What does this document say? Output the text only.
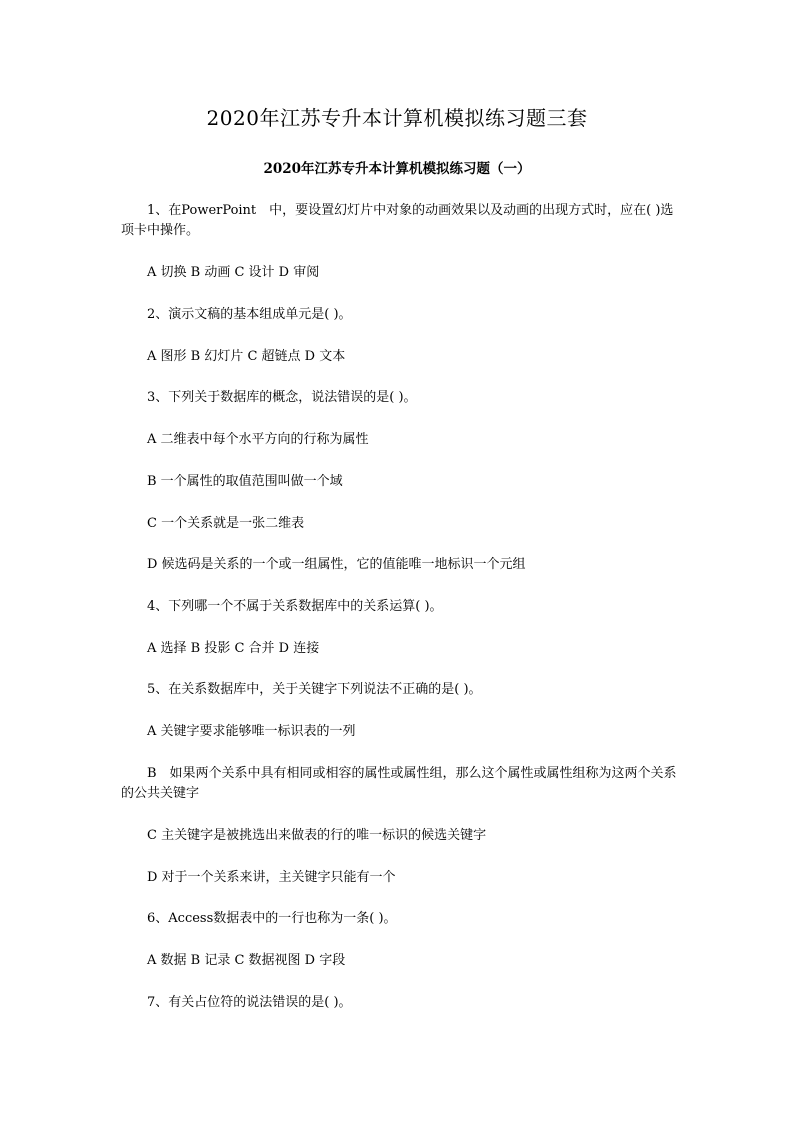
2020年江苏专升本计算机模拟练习题三套
2020年江苏专升本计算机模拟练习题（一）
1、在PowerPoint　中，要设置幻灯片中对象的动画效果以及动画的出现方式时，应在( )选项卡中操作。
A 切换 B 动画 C 设计 D 审阅
2、演示文稿的基本组成单元是( )。
A 图形 B 幻灯片 C 超链点 D 文本
3、下列关于数据库的概念，说法错误的是( )。
A 二维表中每个水平方向的行称为属性
B 一个属性的取值范围叫做一个域
C 一个关系就是一张二维表
D 候选码是关系的一个或一组属性，它的值能唯一地标识一个元组
4、下列哪一个不属于关系数据库中的关系运算( )。
A 选择 B 投影 C 合并 D 连接
5、在关系数据库中，关于关键字下列说法不正确的是( )。
A 关键字要求能够唯一标识表的一列
B　如果两个关系中具有相同或相容的属性或属性组，那么这个属性或属性组称为这两个关系的公共关键字
C 主关键字是被挑选出来做表的行的唯一标识的候选关键字
D 对于一个关系来讲，主关键字只能有一个
6、Access数据表中的一行也称为一条( )。
A 数据 B 记录 C 数据视图 D 字段
7、有关占位符的说法错误的是( )。
